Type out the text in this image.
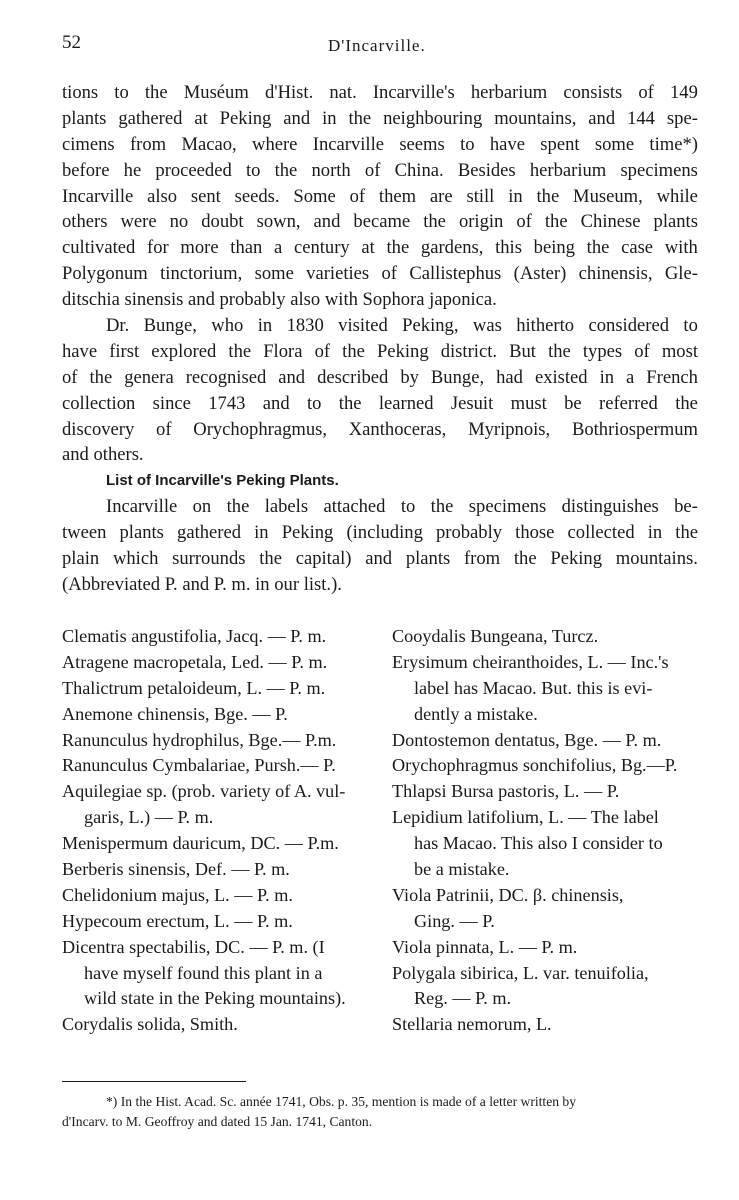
52	D'Incarville.
tions to the Muséum d'Hist. nat. Incarville's herbarium consists of 149
plants gathered at Peking and in the neighbouring mountains, and 144 spe-
cimens from Macao, where Incarville seems to have spent some time*)
before he proceeded to the north of China. Besides herbarium specimens
Incarville also sent seeds. Some of them are still in the Museum, while
others were no doubt sown, and became the origin of the Chinese plants
cultivated for more than a century at the gardens, this being the case with
Polygonum tinctorium, some varieties of Callistephus (Aster) chinensis, Gle-
ditschia sinensis and probably also with Sophora japonica.
Dr. Bunge, who in 1830 visited Peking, was hitherto considered to
have first explored the Flora of the Peking district. But the types of most
of the genera recognised and described by Bunge, had existed in a French
collection since 1743 and to the learned Jesuit must be referred the
discovery of Orychophragmus, Xanthoceras, Myripnois, Bothriospermum
and others.
List of Incarville's Peking Plants.
Incarville on the labels attached to the specimens distinguishes be-
tween plants gathered in Peking (including probably those collected in the
plain which surrounds the capital) and plants from the Peking mountains.
(Abbreviated P. and P. m. in our list.).
Clematis angustifolia, Jacq. — P. m.
Atragene macropetala, Led. — P. m.
Thalictrum petaloideum, L. — P. m.
Anemone chinensis, Bge. — P.
Ranunculus hydrophilus, Bge.— P.m.
Ranunculus Cymbalariae, Pursh.— P.
Aquilegiae sp. (prob. variety of A. vul-
garis, L.) — P. m.
Menispermum dauricum, DC. — P.m.
Berberis sinensis, Def. — P. m.
Chelidonium majus, L. — P. m.
Hypecoum erectum, L. — P. m.
Dicentra spectabilis, DC. — P. m. (I
have myself found this plant in a
wild state in the Peking mountains).
Corydalis solida, Smith.
Cooydalis Bungeana, Turcz.
Erysimum cheiranthoides, L. — Inc.'s
label has Macao. But. this is evi-
dently a mistake.
Dontostemon dentatus, Bge. — P. m.
Orychophragmus sonchifolius, Bg.—P.
Thlapsi Bursa pastoris, L. — P.
Lepidium latifolium, L. — The label
has Macao. This also I consider to
be a mistake.
Viola Patrinii, DC. β. chinensis,
Ging. — P.
Viola pinnata, L. — P. m.
Polygala sibirica, L. var. tenuifolia,
Reg. — P. m.
Stellaria nemorum, L.
*) In the Hist. Acad. Sc. année 1741, Obs. p. 35, mention is made of a letter written by
d'Incarv. to M. Geoffroy and dated 15 Jan. 1741, Canton.
